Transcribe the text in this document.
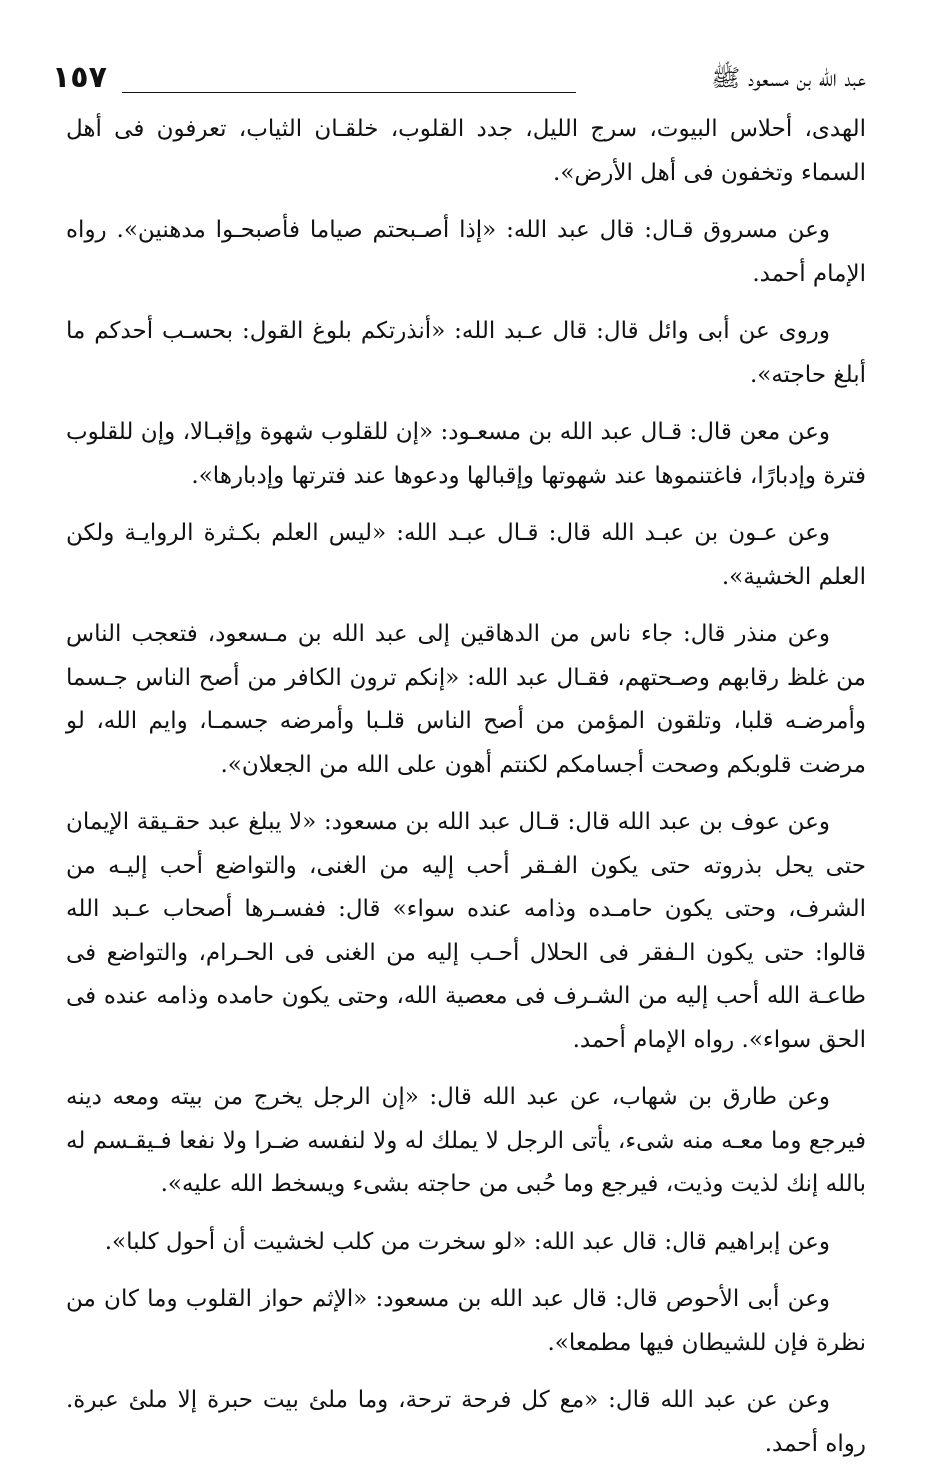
١٥٧	عبد الله بن مسعود ﷺ

الهدى، أحلاس البيوت، سرج الليل، جدد القلوب، خلقـان الثياب، تعرفون فى أهل السماء وتخفون فى أهل الأرض».

وعن مسروق قـال: قال عبد الله: «إذا أصـبحتم صياما فأصبحـوا مدهنين». رواه الإمام أحمد.

وروى عن أبى وائل قال: قال عـبد الله: «أنذرتكم بلوغ القول: بحسـب أحدكم ما أبلغ حاجته».

وعن معن قال: قـال عبد الله بن مسعـود: «إن للقلوب شهوة وإقبـالا، وإن للقلوب فترة وإدبارًا، فاغتنموها عند شهوتها وإقبالها ودعوها عند فترتها وإدبارها».

وعن عـون بن عبـد الله قال: قـال عبـد الله: «ليس العلم بكـثرة الروايـة ولكن العلم الخشية».

وعن منذر قال: جاء ناس من الدهاقين إلى عبد الله بن مـسعود، فتعجب الناس من غلظ رقابهم وصـحتهم، فقـال عبد الله: «إنكم ترون الكافر من أصح الناس جـسما وأمرضـه قلبا، وتلقون المؤمن من أصح الناس قلـبا وأمرضه جسمـا، وايم الله، لو مرضت قلوبكم وصحت أجسامكم لكنتم أهون على الله من الجعلان».

وعن عوف بن عبد الله قال: قـال عبد الله بن مسعود: «لا يبلغ عبد حقـيقة الإيمان حتى يحل بذروته حتى يكون الفـقر أحب إليه من الغنى، والتواضع أحب إليـه من الشرف، وحتى يكون حامـده وذامه عنده سواء» قال: ففسـرها أصحاب عـبد الله قالوا: حتى يكون الـفقر فى الحلال أحـب إليه من الغنى فى الحـرام، والتواضع فى طاعـة الله أحب إليه من الشـرف فى معصية الله، وحتى يكون حامده وذامه عنده فى الحق سواء». رواه الإمام أحمد.

وعن طارق بن شهاب، عن عبد الله قال: «إن الرجل يخرج من بيته ومعه دينه فيرجع وما معـه منه شىء، يأتى الرجل لا يملك له ولا لنفسه ضـرا ولا نفعا فـيقـسم له بالله إنك لذيت وذيت، فيرجع وما حُبى من حاجته بشىء ويسخط الله عليه».

وعن إبراهيم قال: قال عبد الله: «لو سخرت من كلب لخشيت أن أحول كلبا».

وعن أبى الأحوص قال: قال عبد الله بن مسعود: «الإثم حواز القلوب وما كان من نظرة فإن للشيطان فيها مطمعا».

وعن عن عبد الله قال: «مع كل فرحة ترحة، وما ملئ بيت حبرة إلا ملئ عبرة. رواه أحمد.
